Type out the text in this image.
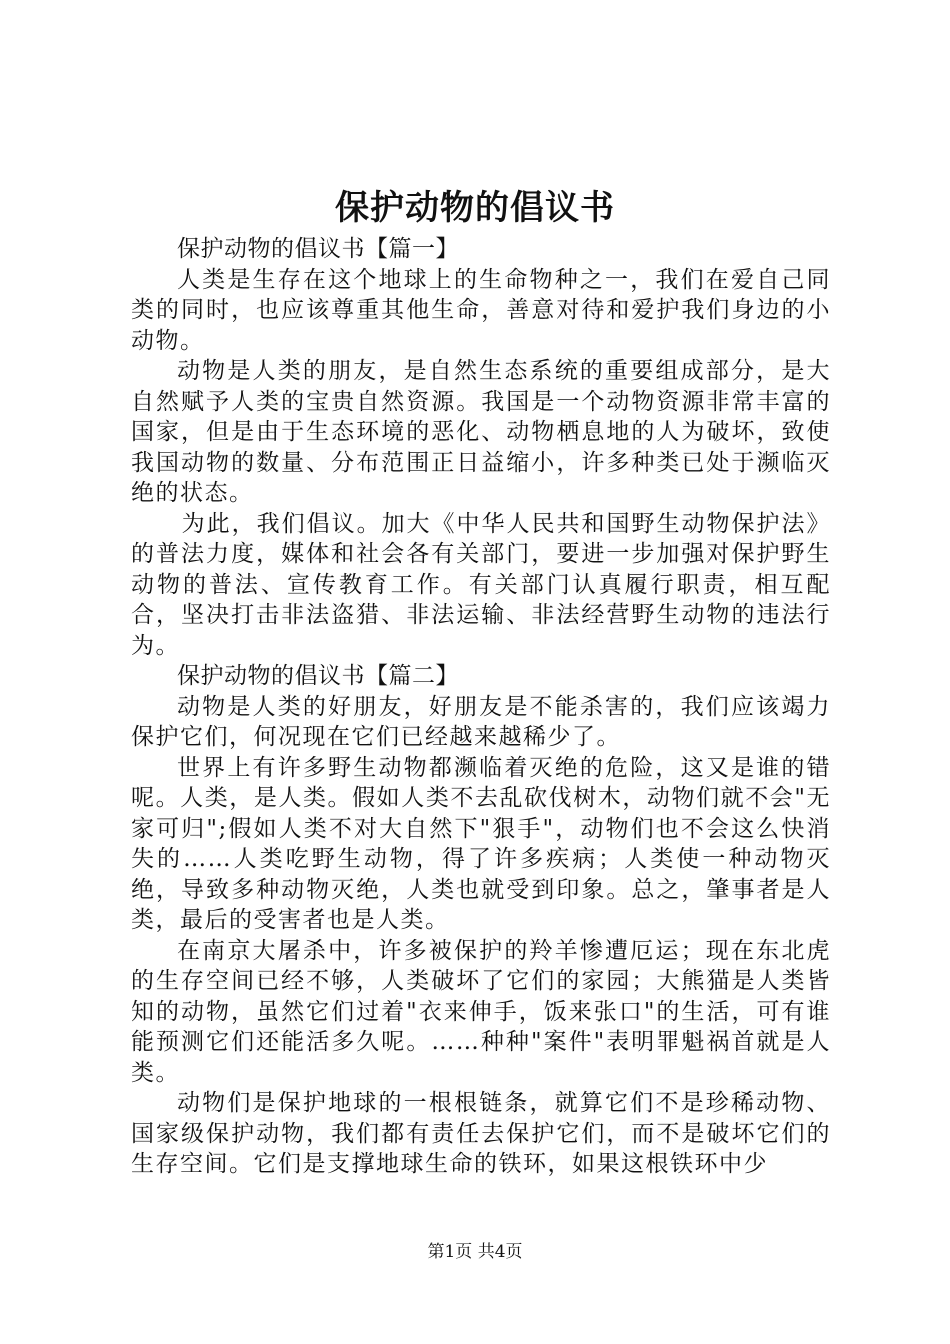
保护动物的倡议书

保护动物的倡议书【篇一】

人类是生存在这个地球上的生命物种之一，我们在爱自己同类的同时，也应该尊重其他生命，善意对待和爱护我们身边的小动物。

动物是人类的朋友，是自然生态系统的重要组成部分，是大自然赋予人类的宝贵自然资源。我国是一个动物资源非常丰富的国家，但是由于生态环境的恶化、动物栖息地的人为破坏，致使我国动物的数量、分布范围正日益缩小，许多种类已处于濒临灭绝的状态。

为此，我们倡议。加大《中华人民共和国野生动物保护法》的普法力度，媒体和社会各有关部门，要进一步加强对保护野生动物的普法、宣传教育工作。有关部门认真履行职责，相互配合，坚决打击非法盗猎、非法运输、非法经营野生动物的违法行为。

保护动物的倡议书【篇二】

动物是人类的好朋友，好朋友是不能杀害的，我们应该竭力保护它们，何况现在它们已经越来越稀少了。

世界上有许多野生动物都濒临着灭绝的危险，这又是谁的错呢。人类，是人类。假如人类不去乱砍伐树木，动物们就不会"无家可归";假如人类不对大自然下"狠手"，动物们也不会这么快消失的……人类吃野生动物，得了许多疾病；人类使一种动物灭绝，导致多种动物灭绝，人类也就受到印象。总之，肇事者是人类，最后的受害者也是人类。

在南京大屠杀中，许多被保护的羚羊惨遭厄运；现在东北虎的生存空间已经不够，人类破坏了它们的家园；大熊猫是人类皆知的动物，虽然它们过着"衣来伸手，饭来张口"的生活，可有谁能预测它们还能活多久呢。……种种"案件"表明罪魁祸首就是人类。

动物们是保护地球的一根根链条，就算它们不是珍稀动物、国家级保护动物，我们都有责任去保护它们，而不是破坏它们的生存空间。它们是支撑地球生命的铁环，如果这根铁环中少

第1页 共4页
